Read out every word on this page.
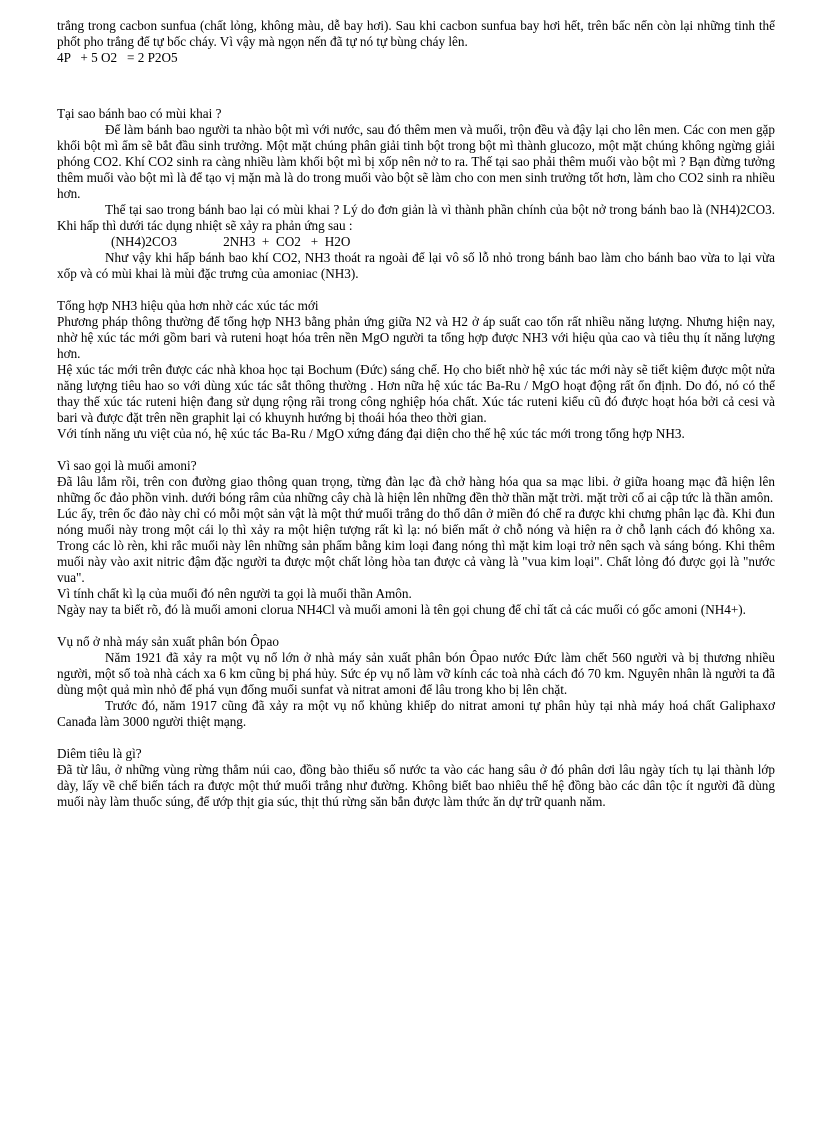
trắng trong cacbon sunfua (chất lỏng, không màu, dễ bay hơi). Sau khi cacbon sunfua bay hơi hết, trên bấc nến còn lại những tinh thể phốt pho trắng để tự bốc cháy. Vì vậy mà ngọn nến đã tự nó tự bùng cháy lên.

4P   + 5 O2   = 2 P2O5

Tại sao bánh bao có mùi khai ?

Để làm bánh bao người ta nhào bột mì với nước, sau đó thêm men và muối, trộn đều và đậy lại cho lên men. Các con men gặp khối bột mì ẩm sẽ bắt đầu sinh trưởng. Một mặt chúng phân giải tinh bột trong bột mì thành glucozo, một mặt chúng không ngừng giải phóng CO2. Khí CO2 sinh ra càng nhiều làm khối bột mì bị xốp nên nở to ra. Thế tại sao phải thêm muối vào bột mì ? Bạn đừng tưởng thêm muối vào bột mì là để tạo vị mặn mà là do trong muối vào bột sẽ làm cho con men sinh trưởng tốt hơn, làm cho CO2 sinh ra nhiều hơn.

Thế tại sao trong bánh bao lại có mùi khai ? Lý do đơn giản là vì thành phần chính của bột nở trong bánh bao là (NH4)2CO3. Khi hấp thì dưới tác dụng nhiệt sẽ xảy ra phản ứng sau :

(NH4)2CO3              2NH3  +  CO2   +  H2O

Như vậy khi hấp bánh bao khí CO2, NH3 thoát ra ngoài để lại vô số lỗ nhỏ trong bánh bao làm cho bánh bao vừa to lại vừa xốp và có mùi khai là mùi đặc trưng của amoniac (NH3).

Tổng hợp NH3 hiệu qủa hơn nhờ các xúc tác mới

Phương pháp thông thường để tổng hợp NH3 bằng phản ứng giữa N2 và H2 ở áp suất cao tốn rất nhiều năng lượng. Nhưng hiện nay, nhờ hệ xúc tác mới gồm bari và ruteni hoạt hóa trên nền MgO người ta tổng hợp được NH3 với hiệu qủa cao và tiêu thụ ít năng lượng hơn.

Hệ xúc tác mới trên được các nhà khoa học tại Bochum (Đức) sáng chế. Họ cho biết nhờ hệ xúc tác mới này sẽ tiết kiệm được một nửa năng lượng tiêu hao so với dùng xúc tác sắt thông thường . Hơn nữa hệ xúc tác Ba-Ru / MgO hoạt động rất ổn định. Do đó, nó có thể thay thế xúc tác ruteni hiện đang sử dụng rộng rãi trong công nghiệp hóa chất. Xúc tác ruteni kiểu cũ đó được hoạt hóa bởi cả cesi và bari và được đặt trên nền graphit lại có khuynh hướng bị thoái hóa theo thời gian.

Với tính năng ưu việt của nó, hệ xúc tác Ba-Ru / MgO xứng đáng đại diện cho thế hệ xúc tác mới trong tổng hợp NH3.

Vì sao gọi là muối amoni?

Đã lâu lắm rồi, trên con đường giao thông quan trọng, từng đàn lạc đà chở hàng hóa qua sa mạc libi. ở giữa hoang mạc đã hiện lên những ốc đảo phồn vinh. dưới bóng râm của những cây chà là hiện lên những đền thờ thần mặt trời. mặt trời cổ ai cập tức là thần amôn.

Lúc ấy, trên ốc đảo này chỉ có mỗi một sản vật là một thứ muối trắng do thổ dân ở miền đó chế ra được khi chưng phân lạc đà. Khi đun nóng muối này trong một cái lọ thì xảy ra một hiện tượng rất kì lạ: nó biến mất ở chỗ nóng và hiện ra ở chỗ lạnh cách đó không xa. Trong các lò rèn, khi rắc muối này lên những sản phẩm bằng kim loại đang nóng thì mặt kim loại trở nên sạch và sáng bóng. Khi thêm muối này vào axit nitric đậm đặc người ta được một chất lỏng hòa tan được cả vàng là "vua kim loại". Chất lỏng đó được gọi là "nước vua".

Vì tính chất kì lạ của muối đó nên người ta gọi là muối thần Amôn.

Ngày nay ta biết rõ, đó là muối amoni clorua NH4Cl và muối amoni là tên gọi chung để chỉ tất cả các muối có gốc amoni (NH4+).

Vụ nổ ở nhà máy sản xuất phân bón Ôpao

Năm 1921 đã xảy ra một vụ nổ lớn ở nhà máy sản xuất phân bón Ôpao nước Đức làm chết 560 người và bị thương nhiều người, một số toà nhà cách xa 6 km cũng bị phá hủy. Sức ép vụ nổ làm vỡ kính các toà nhà cách đó 70 km. Nguyên nhân là người ta đã dùng một quả mìn nhỏ để phá vụn đống muối sunfat và nitrat amoni để lâu trong kho bị lên chặt.

Trước đó, năm 1917 cũng đã xảy ra một vụ nổ khủng khiếp do nitrat amoni tự phân hủy tại nhà máy hoá chất Galiphaxơ Canađa làm 3000 người thiệt mạng.

Diêm tiêu là gì?

Đã từ lâu, ở những vùng rừng thẳm núi cao, đồng bào thiểu số nước ta vào các hang sâu ở đó phân dơi lâu ngày tích tụ lại thành lớp dày, lấy về chế biến tách ra được một thứ muối trắng như đường. Không biết bao nhiêu thế hệ đồng bào các dân tộc ít người đã dùng muối này làm thuốc súng, để ướp thịt gia súc, thịt thú rừng săn bắn được làm thức ăn dự trữ quanh năm.
